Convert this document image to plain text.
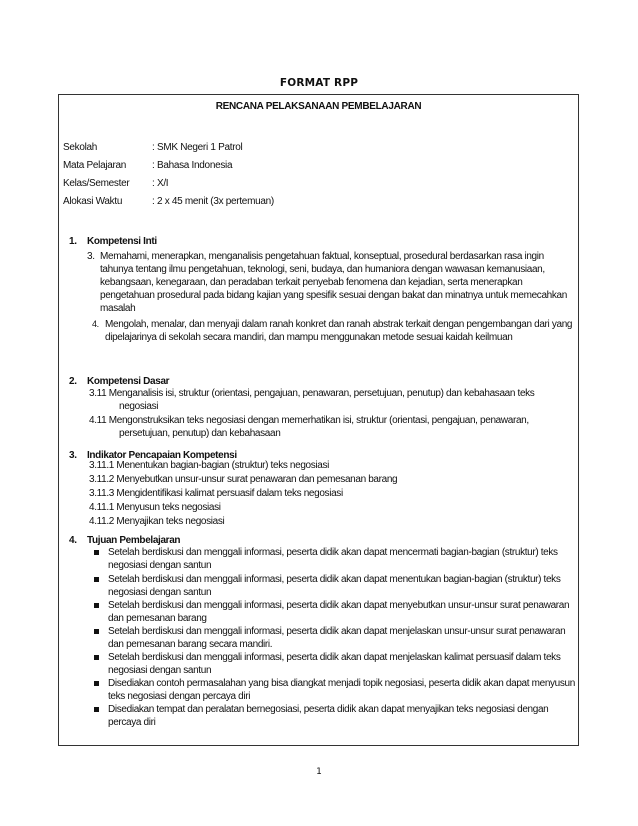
FORMAT RPP
RENCANA PELAKSANAAN PEMBELAJARAN
Sekolah	: SMK Negeri 1 Patrol
Mata Pelajaran	: Bahasa Indonesia
Kelas/Semester : X/I
Alokasi Waktu	: 2 x 45 menit (3x pertemuan)
1. Kompetensi Inti
3. Memahami, menerapkan, menganalisis pengetahuan faktual, konseptual, prosedural berdasarkan rasa ingin
tahunya tentang ilmu pengetahuan, teknologi, seni, budaya, dan humaniora dengan wawasan kemanusiaan,
kebangsaan, kenegaraan, dan peradaban terkait penyebab fenomena dan kejadian, serta menerapkan
pengetahuan prosedural pada bidang kajian yang spesifik sesuai dengan bakat dan minatnya untuk memecahkan
masalah
4. Mengolah, menalar, dan menyaji dalam ranah konkret dan ranah abstrak terkait dengan pengembangan dari yang
dipelajarinya di sekolah secara mandiri, dan mampu menggunakan metode sesuai kaidah keilmuan
2. Kompetensi Dasar
3.11 Menganalisis isi, struktur (orientasi, pengajuan, penawaran, persetujuan, penutup) dan kebahasaan teks
negosiasi
4.11 Mengonstruksikan teks negosiasi dengan memerhatikan isi, struktur (orientasi, pengajuan, penawaran,
persetujuan, penutup) dan kebahasaan
3. Indikator Pencapaian Kompetensi
3.11.1 Menentukan bagian-bagian (struktur) teks negosiasi
3.11.2 Menyebutkan unsur-unsur surat penawaran dan pemesanan barang
3.11.3 Mengidentifikasi kalimat persuasif dalam teks negosiasi
4.11.1 Menyusun teks negosiasi
4.11.2 Menyajikan teks negosiasi
4. Tujuan Pembelajaran
Setelah berdiskusi dan menggali informasi, peserta didik akan dapat mencermati bagian-bagian (struktur) teks
negosiasi dengan santun
Setelah berdiskusi dan menggali informasi, peserta didik akan dapat menentukan bagian-bagian (struktur) teks
negosiasi dengan santun
Setelah berdiskusi dan menggali informasi, peserta didik akan dapat menyebutkan unsur-unsur surat penawaran
dan pemesanan barang
Setelah berdiskusi dan menggali informasi, peserta didik akan dapat menjelaskan unsur-unsur surat penawaran
dan pemesanan barang secara mandiri.
Setelah berdiskusi dan menggali informasi, peserta didik akan dapat menjelaskan kalimat persuasif dalam teks
negosiasi dengan santun
Disediakan contoh permasalahan yang bisa diangkat menjadi topik negosiasi, peserta didik akan dapat menyusun
teks negosiasi dengan percaya diri
Disediakan tempat dan peralatan bernegosiasi, peserta didik akan dapat menyajikan teks negosiasi dengan
percaya diri
1
